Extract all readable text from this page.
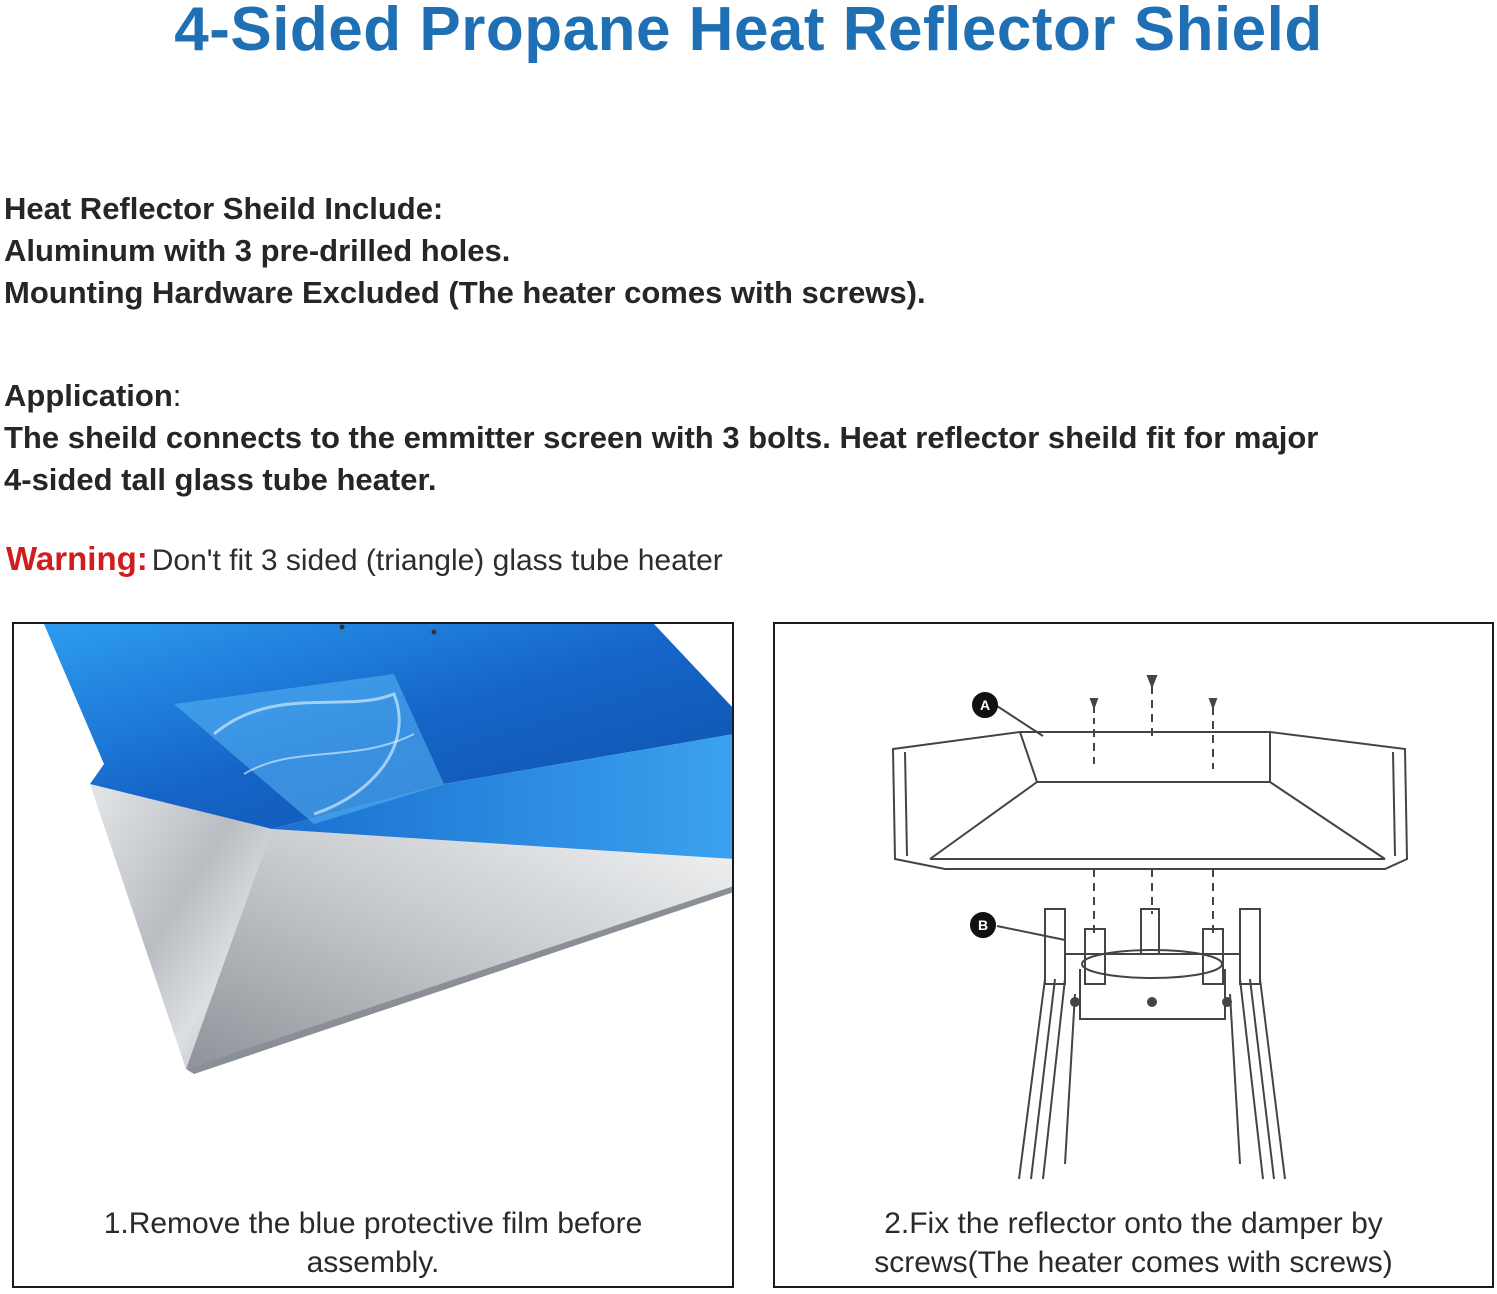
4-Sided Propane Heat Reflector Shield
Heat Reflector Sheild Include:
Aluminum with 3 pre-drilled holes.
Mounting Hardware Excluded (The heater comes with screws).
Application:
The sheild connects to the emmitter screen with 3 bolts. Heat reflector sheild fit for major
4-sided tall glass tube heater.
Warning: Don't fit 3 sided (triangle) glass tube heater
1.Remove the blue protective film before
assembly.
A
B
2.Fix the reflector onto the damper by
screws(The heater comes with screws)
